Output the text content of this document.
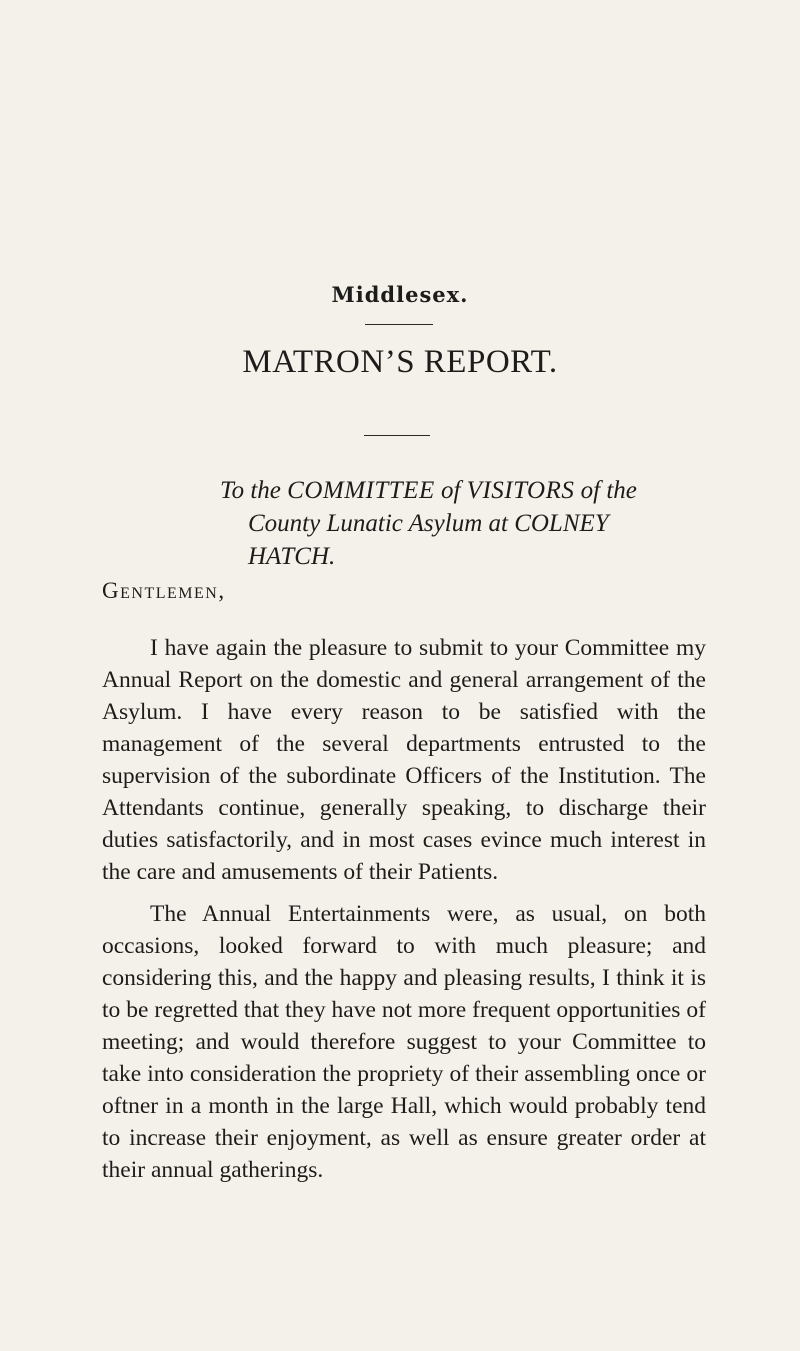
Middlesex.
MATRON’S REPORT.
To the COMMITTEE of VISITORS of the
County Lunatic Asylum at COLNEY
HATCH.
Gentlemen,

I have again the pleasure to submit to your Committee my Annual Report on the domestic and general arrangement of the Asylum. I have every reason to be satisfied with the management of the several departments entrusted to the supervision of the subordinate Officers of the Institution. The Attendants continue, generally speaking, to discharge their duties satisfactorily, and in most cases evince much interest in the care and amusements of their Patients.

The Annual Entertainments were, as usual, on both occasions, looked forward to with much pleasure; and considering this, and the happy and pleasing results, I think it is to be regretted that they have not more frequent opportunities of meeting; and would therefore suggest to your Committee to take into consideration the propriety of their assembling once or oftner in a month in the large Hall, which would probably tend to increase their enjoyment, as well as ensure greater order at their annual gatherings.
